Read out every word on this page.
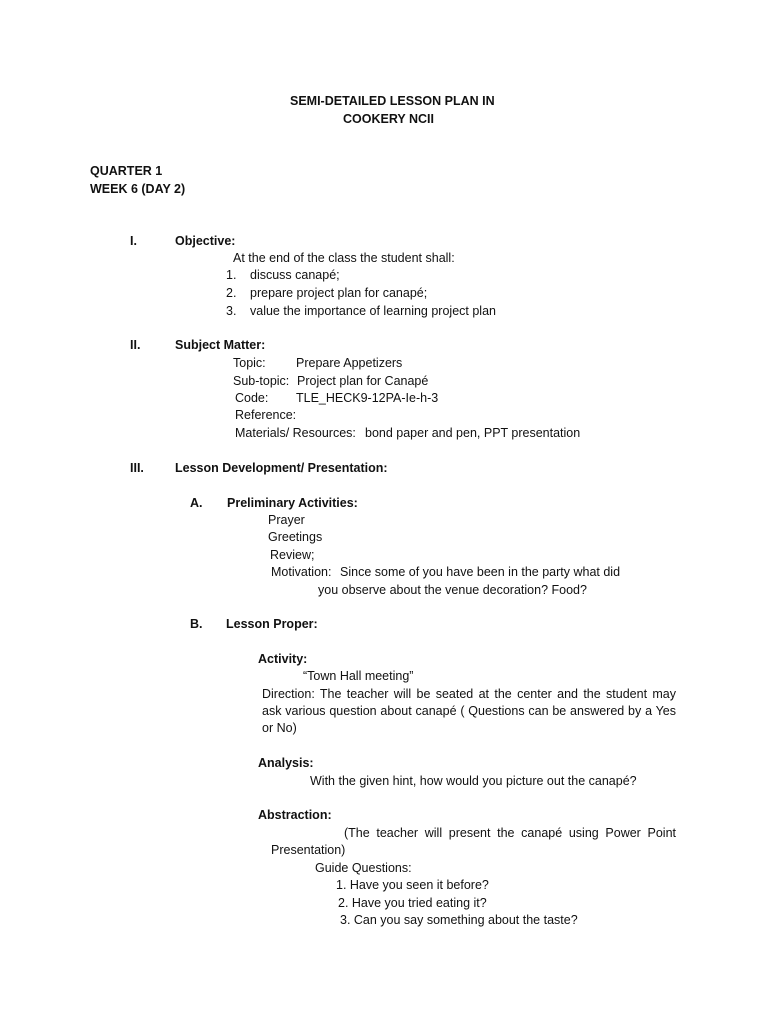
SEMI-DETAILED LESSON PLAN IN
COOKERY NCII
QUARTER 1
WEEK 6 (DAY 2)
I.	Objective:
At the end of the class the student shall:
1. discuss canapé;
2. prepare project plan for canapé;
3. value the importance of learning project plan
II.	Subject Matter:
Topic: Prepare Appetizers
Sub-topic: Project plan for Canapé
Code: TLE_HECK9-12PA-Ie-h-3
Reference:
Materials/ Resources: bond paper and pen, PPT presentation
III. Lesson Development/ Presentation:
A. Preliminary Activities:
Prayer
Greetings
Review;
Motivation: Since some of you have been in the party what did
you observe about the venue decoration? Food?
B. Lesson Proper:
Activity:
“Town Hall meeting”
Direction: The teacher will be seated at the center and the student may
ask various question about canapé ( Questions can be answered by a Yes
or No)
Analysis:
With the given hint, how would you picture out the canapé?
Abstraction:
(The teacher will present the canapé using Power Point
Presentation)
Guide Questions:
1. Have you seen it before?
2. Have you tried eating it?
3. Can you say something about the taste?
